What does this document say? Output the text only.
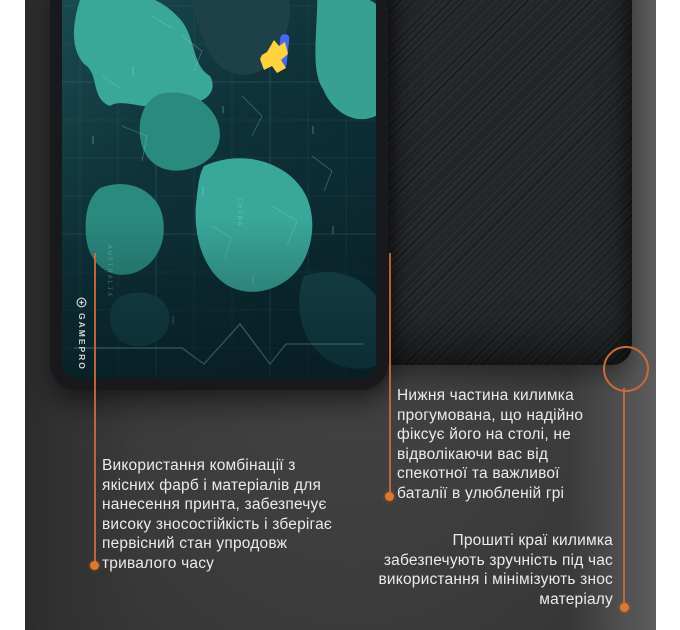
GAMEPRO
Використання комбінації з
якісних фарб і матеріалів для
нанесення принта, забезпечує
високу зносостійкість і зберігає
первісний стан упродовж
тривалого часу
Нижня частина килимка
прогумована, що надійно
фіксує його на столі, не
відволікаючи вас від
спекотної та важливої
баталії в улюбленій грі
Прошиті краї килимка
забезпечують зручність під час
використання і мінімізують знос
матеріалу
